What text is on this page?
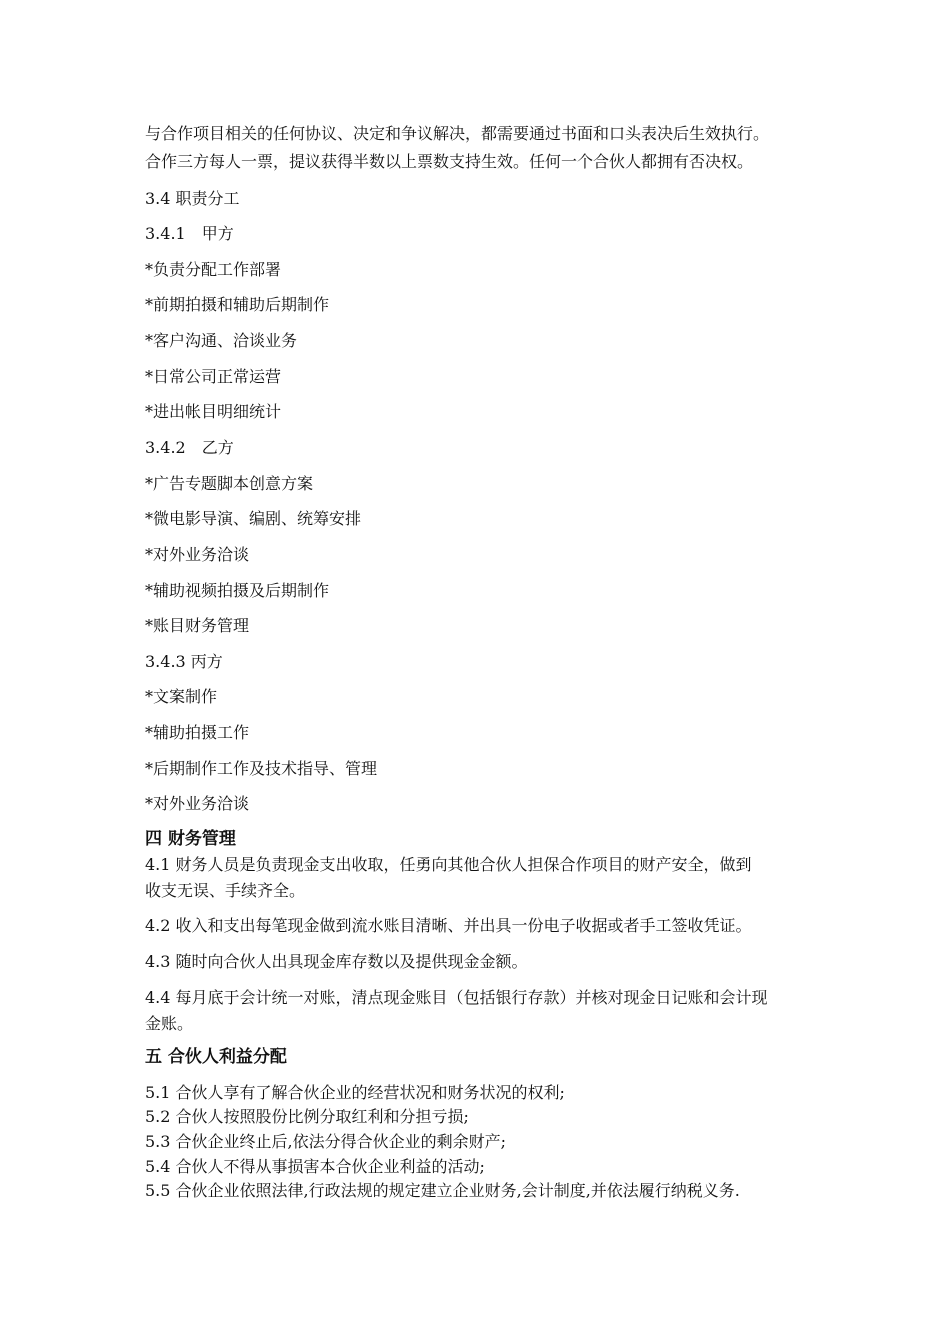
与合作项目相关的任何协议、决定和争议解决，都需要通过书面和口头表决后生效执行。
合作三方每人一票，提议获得半数以上票数支持生效。任何一个合伙人都拥有否决权。
3.4 职责分工
3.4.1　甲方
*负责分配工作部署
*前期拍摄和辅助后期制作
*客户沟通、洽谈业务
*日常公司正常运营
*进出帐目明细统计
3.4.2　乙方
*广告专题脚本创意方案
*微电影导演、编剧、统筹安排
*对外业务洽谈
*辅助视频拍摄及后期制作
*账目财务管理
3.4.3 丙方
*文案制作
*辅助拍摄工作
*后期制作工作及技术指导、管理
*对外业务洽谈
四 财务管理
4.1 财务人员是负责现金支出收取，任勇向其他合伙人担保合作项目的财产安全，做到
收支无误、手续齐全。
4.2 收入和支出每笔现金做到流水账目清晰、并出具一份电子收据或者手工签收凭证。
4.3 随时向合伙人出具现金库存数以及提供现金金额。
4.4 每月底于会计统一对账，清点现金账目（包括银行存款）并核对现金日记账和会计现
金账。
五 合伙人利益分配
5.1 合伙人享有了解合伙企业的经营状况和财务状况的权利;
5.2 合伙人按照股份比例分取红利和分担亏损;
5.3 合伙企业终止后,依法分得合伙企业的剩余财产;
5.4 合伙人不得从事损害本合伙企业利益的活动;
5.5 合伙企业依照法律,行政法规的规定建立企业财务,会计制度,并依法履行纳税义务.
